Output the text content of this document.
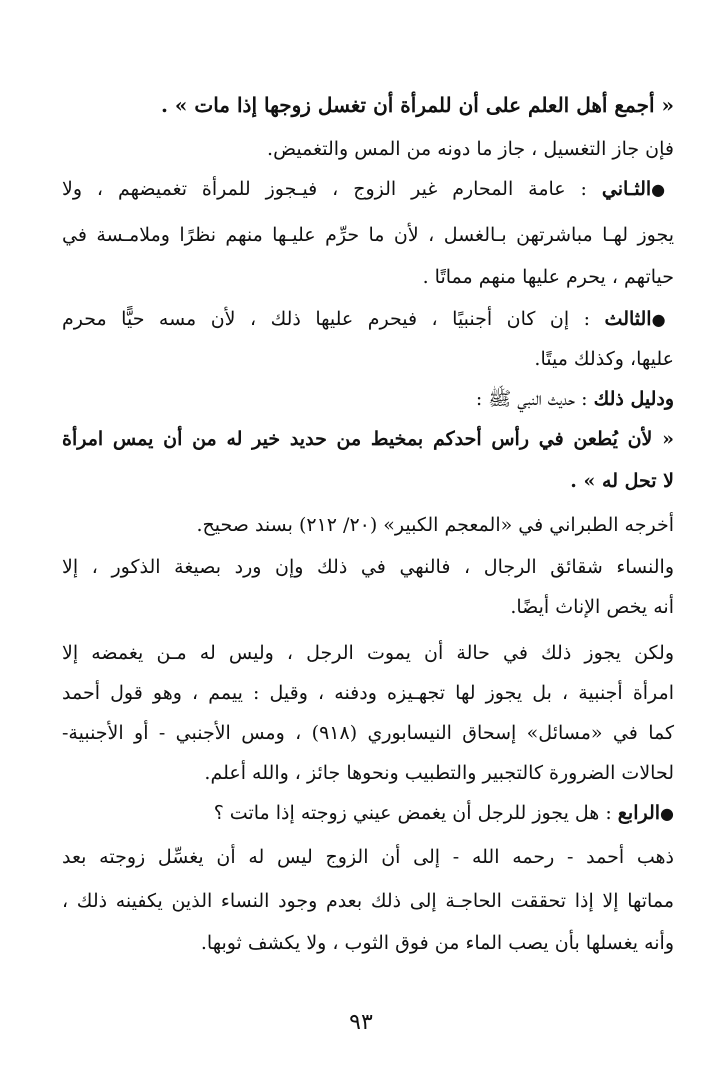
« أجمع أهل العلم على أن للمرأة أن تغسل زوجها إذا مات » .
فإن جاز التغسيل ، جاز ما دونه من المس والتغميض.
●الثـاني : عامة المحارم غير الزوج ، فيـجوز للمرأة تغميضهم ، ولا
يجوز لهـا مباشرتهن بـالغسل ، لأن ما حرِّم عليـها منهم نظرًا وملامـسة في
حياتهم ، يحرم عليها منهم مماتًا .
●الثالث : إن كان أجنبيًا ، فيحرم عليها ذلك ، لأن مسه حيًّا محرم
عليها، وكذلك ميتًا.
ودليل ذلك : حديث النبي ﷺ :
« لأن يُطعن في رأس أحدكم بمخيط من حديد خير له من أن يمس امرأة
لا تحل له » .
أخرجه الطبراني في «المعجم الكبير» (٢٠/ ٢١٢) بسند صحيح.
والنساء شقائق الرجال ، فالنهي في ذلك وإن ورد بصيغة الذكور ، إلا
أنه يخص الإناث أيضًا.
ولكن يجوز ذلك في حالة أن يموت الرجل ، وليس له مـن يغمضه إلا
امرأة أجنبية ، بل يجوز لها تجهـيزه ودفنه ، وقيل : ييمم ، وهو قول أحمد
كما في «مسائل» إسحاق النيسابوري (٩١٨) ، ومس الأجنبي - أو الأجنبية-
لحالات الضرورة كالتجبير والتطبيب ونحوها جائز ، والله أعلم.
●الرابع : هل يجوز للرجل أن يغمض عيني زوجته إذا ماتت ؟
ذهب أحمد - رحمه الله - إلى أن الزوج ليس له أن يغسِّل زوجته بعد
مماتها إلا إذا تحققت الحاجـة إلى ذلك بعدم وجود النساء الذين يكفينه ذلك ،
وأنه يغسلها بأن يصب الماء من فوق الثوب ، ولا يكشف ثوبها.
٩٣
